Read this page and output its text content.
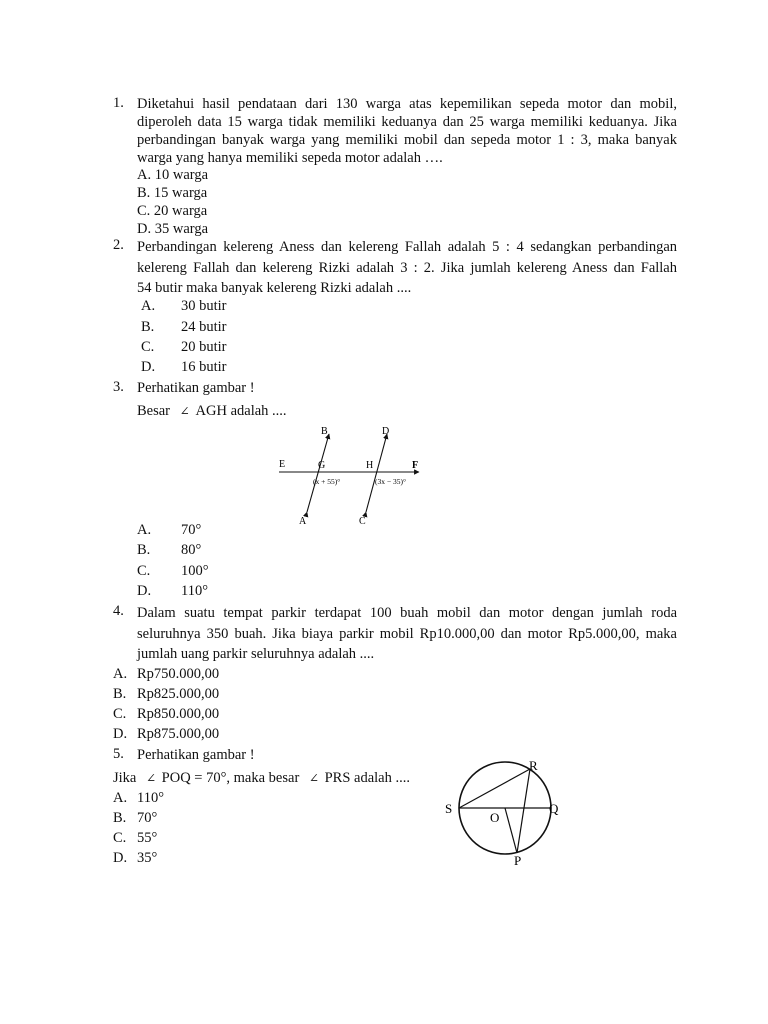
1. Diketahui hasil pendataan dari 130 warga atas kepemilikan sepeda motor dan mobil,
diperoleh data 15 warga tidak memiliki keduanya dan 25 warga memiliki keduanya. Jika
perbandingan banyak warga yang memiliki mobil dan sepeda motor 1 : 3, maka banyak
warga yang hanya memiliki sepeda motor adalah ….
A. 10 warga
B. 15 warga
C. 20 warga
D. 35 warga
2. Perbandingan kelereng Aness dan kelereng Fallah adalah 5 : 4 sedangkan perbandingan
kelereng Fallah dan kelereng Rizki adalah 3 : 2. Jika jumlah kelereng Aness dan Fallah
54 butir maka banyak kelereng Rizki adalah ....
A. 30 butir
B. 24 butir
C. 20 butir
D. 16 butir
3. Perhatikan gambar !
Besar ∠ AGH adalah ....
B	D
E	G	H	F
A	C
(x + 55)°	(3x − 35)°
A. 70°
B. 80°
C. 100°
D. 110°
4. Dalam suatu tempat parkir terdapat 100 buah mobil dan motor dengan jumlah roda
seluruhnya 350 buah. Jika biaya parkir mobil Rp10.000,00 dan motor Rp5.000,00, maka
jumlah uang parkir seluruhnya adalah ....
A. Rp750.000,00
B. Rp825.000,00
C. Rp850.000,00
D. Rp875.000,00
5. Perhatikan gambar !
Jika ∠ POQ = 70°, maka besar ∠ PRS adalah ....
A. 110°
B. 70°
C. 55°
D. 35°
R
S	Q
O
P
